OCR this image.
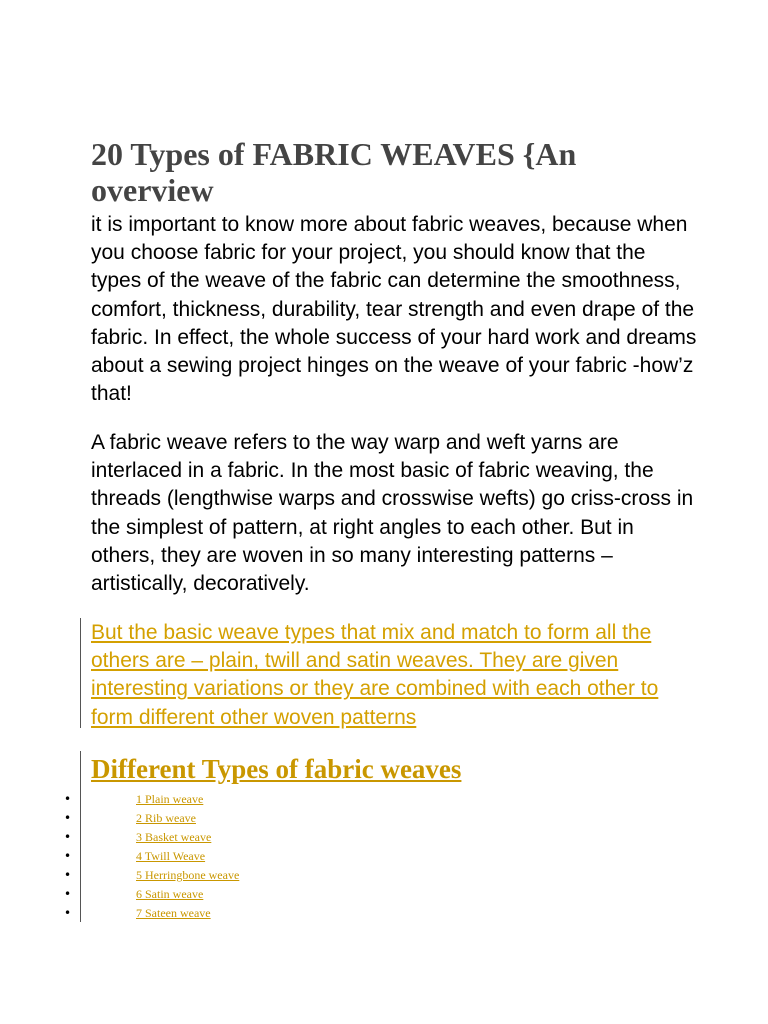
20 Types of FABRIC WEAVES {An overview

it is important to know more about fabric weaves, because when you choose fabric for your project, you should know that the types of the weave of the fabric can determine the smoothness, comfort, thickness, durability, tear strength and even drape of the fabric. In effect, the whole success of your hard work and dreams about a sewing project hinges on the weave of your fabric -how’z that!

A fabric weave refers to the way warp and weft yarns are interlaced in a fabric. In the most basic of fabric weaving, the threads (lengthwise warps and crosswise wefts) go criss-cross in the simplest of pattern, at right angles to each other. But in others, they are woven in so many interesting patterns – artistically, decoratively.

But the basic weave types that mix and match to form all the others are – plain, twill and satin weaves. They are given interesting variations or they are combined with each other to form different other woven patterns

Different Types of fabric weaves
•	1 Plain weave
•	2 Rib weave
•	3 Basket weave
•	4 Twill Weave
•	5 Herringbone weave
•	6 Satin weave
•	7 Sateen weave
